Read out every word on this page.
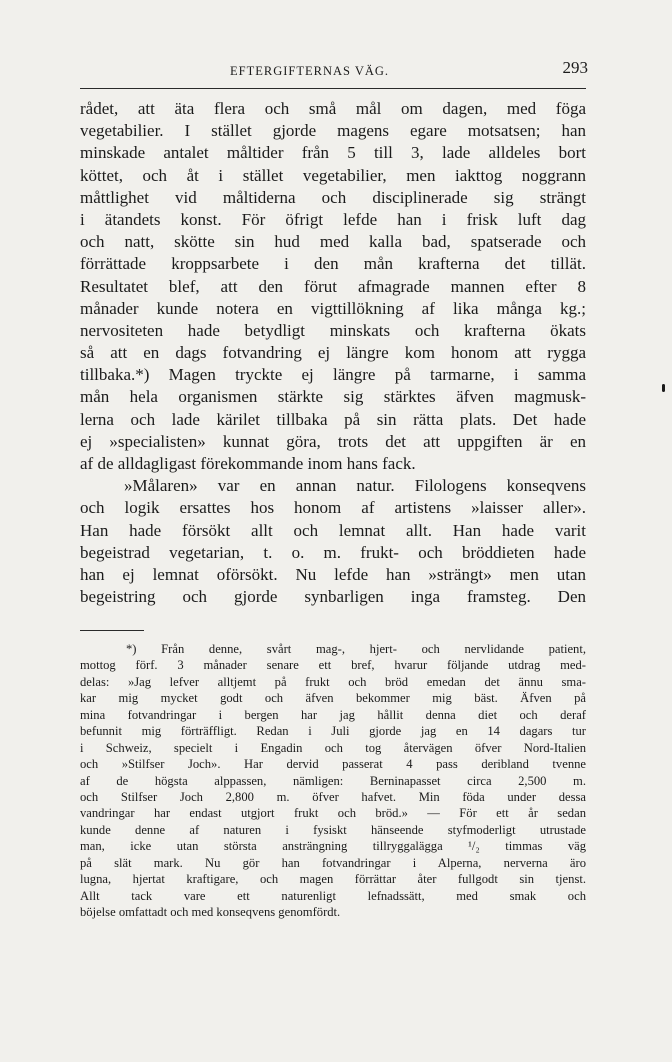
EFTERGIFTERNAS VÄG.	293
rådet, att äta flera och små mål om dagen, med föga
vegetabilier. I stället gjorde magens egare motsatsen; han
minskade antalet måltider från 5 till 3, lade alldeles bort
köttet, och åt i stället vegetabilier, men iakttog noggrann
måttlighet vid måltiderna och disciplinerade sig strängt
i ätandets konst. För öfrigt lefde han i frisk luft dag
och natt, skötte sin hud med kalla bad, spatserade och
förrättade kroppsarbete i den mån krafterna det tillät.
Resultatet blef, att den förut afmagrade mannen efter 8
månader kunde notera en vigttillökning af lika många kg.;
nervositeten hade betydligt minskats och krafterna ökats
så att en dags fotvandring ej längre kom honom att rygga
tillbaka.*) Magen tryckte ej längre på tarmarne, i samma
mån hela organismen stärkte sig stärktes äfven magmusk-
lerna och lade kärilet tillbaka på sin rätta plats. Det hade
ej »specialisten» kunnat göra, trots det att uppgiften är en
af de alldagligast förekommande inom hans fack.
»Målaren» var en annan natur. Filologens konseqvens
och logik ersattes hos honom af artistens »laisser aller».
Han hade försökt allt och lemnat allt. Han hade varit
begeistrad vegetarian, t. o. m. frukt- och bröddieten hade
han ej lemnat oförsökt. Nu lefde han »strängt» men utan
begeistring och gjorde synbarligen inga framsteg. Den
*) Från denne, svårt mag-, hjert- och nervlidande patient,
mottog förf. 3 månader senare ett bref, hvarur följande utdrag med-
delas: »Jag lefver alltjemt på frukt och bröd emedan det ännu sma-
kar mig mycket godt och äfven bekommer mig bäst. Äfven på
mina fotvandringar i bergen har jag hållit denna diet och deraf
befunnit mig förträffligt. Redan i Juli gjorde jag en 14 dagars tur
i Schweiz, specielt i Engadin och tog återvägen öfver Nord-Italien
och »Stilfser Joch». Har dervid passerat 4 pass deribland tvenne
af de högsta alppassen, nämligen: Berninapasset circa 2,500 m.
och Stilfser Joch 2,800 m. öfver hafvet. Min föda under dessa
vandringar har endast utgjort frukt och bröd.» — För ett år sedan
kunde denne af naturen i fysiskt hänseende styfmoderligt utrustade
man, icke utan största ansträngning tillryggalägga ¹/₂ timmas väg
på slät mark. Nu gör han fotvandringar i Alperna, nerverna äro
lugna, hjertat kraftigare, och magen förrättar åter fullgodt sin tjenst.
Allt tack vare ett naturenligt lefnadssätt, med smak och
böjelse omfattadt och med konseqvens genomfördt.
